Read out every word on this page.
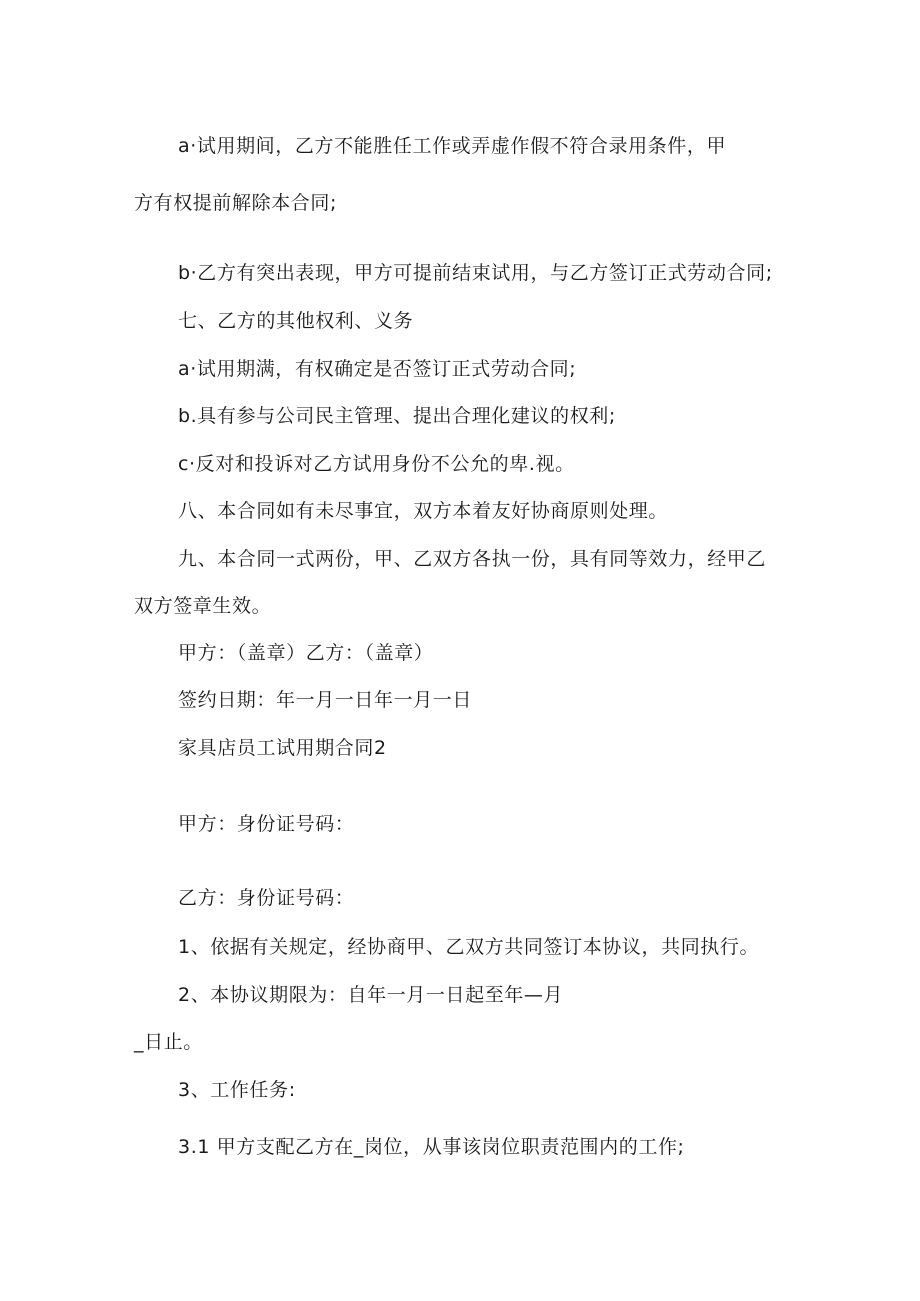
a·试用期间，乙方不能胜任工作或弄虚作假不符合录用条件，甲
方有权提前解除本合同;
b·乙方有突出表现，甲方可提前结束试用，与乙方签订正式劳动合同;
七、乙方的其他权利、义务
a·试用期满，有权确定是否签订正式劳动合同;
b.具有参与公司民主管理、提出合理化建议的权利;
c·反对和投诉对乙方试用身份不公允的卑.视。
八、本合同如有未尽事宜，双方本着友好协商原则处理。
九、本合同一式两份，甲、乙双方各执一份，具有同等效力，经甲乙
双方签章生效。
甲方：（盖章）乙方：（盖章）
签约日期：年一月一日年一月一日
家具店员工试用期合同2
甲方：身份证号码：
乙方：身份证号码：
1、依据有关规定，经协商甲、乙双方共同签订本协议，共同执行。
2、本协议期限为：自年一月一日起至年—月
_日止。
3、工作任务:
3.1 甲方支配乙方在_岗位，从事该岗位职责范围内的工作;
